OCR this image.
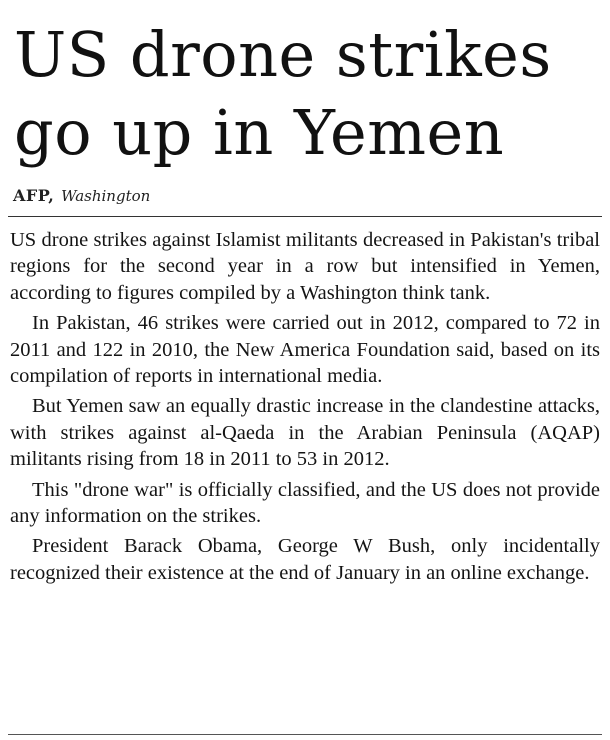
US drone strikes
go up in Yemen
AFP, Washington

US drone strikes against Islamist militants decreased in Pakistan's tribal regions for the second year in a row but intensified in Yemen, according to figures compiled by a Washington think tank.

In Pakistan, 46 strikes were carried out in 2012, compared to 72 in 2011 and 122 in 2010, the New America Foundation said, based on its compilation of reports in international media.

But Yemen saw an equally drastic increase in the clandestine attacks, with strikes against al-Qaeda in the Arabian Peninsula (AQAP) militants rising from 18 in 2011 to 53 in 2012.

This "drone war" is officially classified, and the US does not provide any information on the strikes.

President Barack Obama, George W Bush, only incidentally recognized their existence at the end of January in an online exchange.
